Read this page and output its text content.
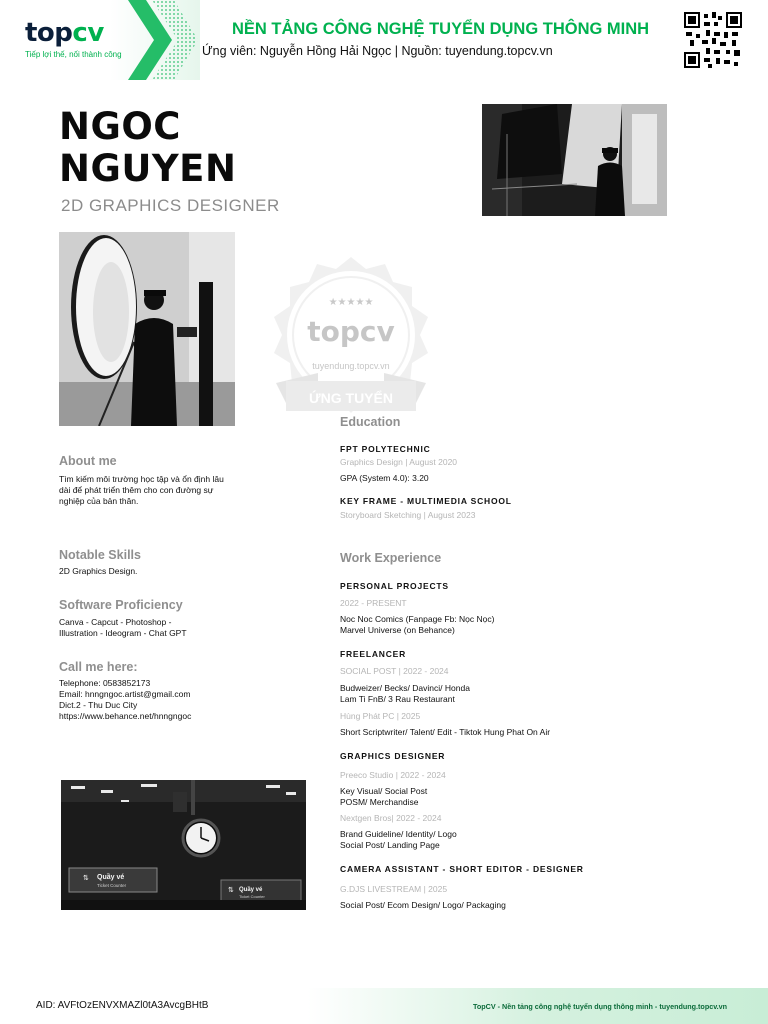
topcv
Tiếp lợi thế, nối thành công
NỀN TẢNG CÔNG NGHỆ TUYỂN DỤNG THÔNG MINH
Ứng viên: Nguyễn Hồng Hải Ngọc | Nguồn: tuyendung.topcv.vn
NGOC
NGUYEN
2D GRAPHICS DESIGNER
★★★★★
topcv
tuyendung.topcv.vn
ỨNG TUYỂN
About me
Tìm kiếm môi trường học tập và ổn định lâu
dài để phát triển thêm cho con đường sự
nghiệp của bản thân.
Notable Skills
2D Graphics Design.
Software Proficiency
Canva - Capcut - Photoshop -
Illustration - Ideogram - Chat GPT
Call me here:
Telephone: 0583852173
Email: hnngngoc.artist@gmail.com
Dict.2 - Thu Duc City
https://www.behance.net/hnngngoc
⇅ Quầy vé
Ticket Counter
⇅ Quầy vé
Ticket Counter
Education
FPT POLYTECHNIC
Graphics Design | August 2020
GPA (System 4.0): 3.20
KEY FRAME - MULTIMEDIA SCHOOL
Storyboard Sketching | August 2023
Work Experience
PERSONAL PROJECTS
2022 - PRESENT
Noc Noc Comics (Fanpage Fb: Nọc Nọc)
Marvel Universe (on Behance)
FREELANCER
SOCIAL POST | 2022 - 2024
Budweizer/ Becks/ Davinci/ Honda
Lam Ti FnB/ 3 Rau Restaurant
Hùng Phát PC | 2025
Short Scriptwriter/ Talent/ Edit - Tiktok Hung Phat On Air
GRAPHICS DESIGNER
Preeco Studio | 2022 - 2024
Key Visual/ Social Post
POSM/ Merchandise
Nextgen Bros| 2022 - 2024
Brand Guideline/ Identity/ Logo
Social Post/ Landing Page
CAMERA ASSISTANT - SHORT EDITOR - DESIGNER
G.DJS LIVESTREAM | 2025
Social Post/ Ecom Design/ Logo/ Packaging
AID: AVFtOzENVXMAZl0tA3AvcgBHtB	TopCV - Nền tảng công nghệ tuyển dụng thông minh - tuyendung.topcv.vn
